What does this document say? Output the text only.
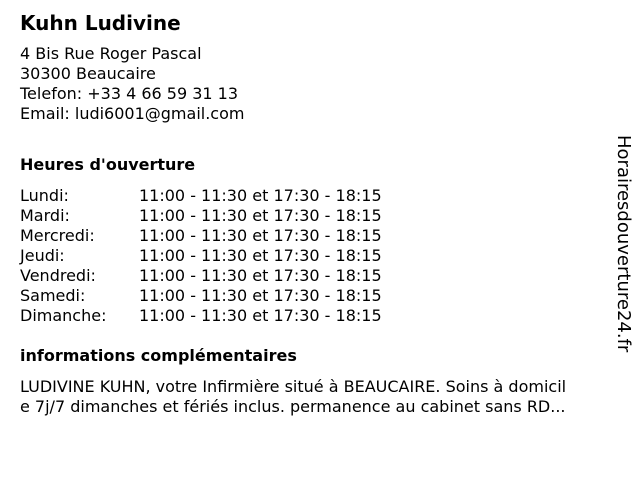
Kuhn Ludivine
4 Bis Rue Roger Pascal
30300 Beaucaire
Telefon: +33 4 66 59 31 13
Email: ludi6001@gmail.com
Heures d'ouverture
Lundi:	11:00 - 11:30 et 17:30 - 18:15
Mardi:	11:00 - 11:30 et 17:30 - 18:15
Mercredi:	11:00 - 11:30 et 17:30 - 18:15
Jeudi:	11:00 - 11:30 et 17:30 - 18:15
Vendredi:	11:00 - 11:30 et 17:30 - 18:15
Samedi:	11:00 - 11:30 et 17:30 - 18:15
Dimanche: 11:00 - 11:30 et 17:30 - 18:15
informations complémentaires
LUDIVINE KUHN, votre Infirmière situé à BEAUCAIRE. Soins à domicil
e 7j/7 dimanches et fériés inclus. permanence au cabinet sans RD...
Horairesdouverture24.fr
